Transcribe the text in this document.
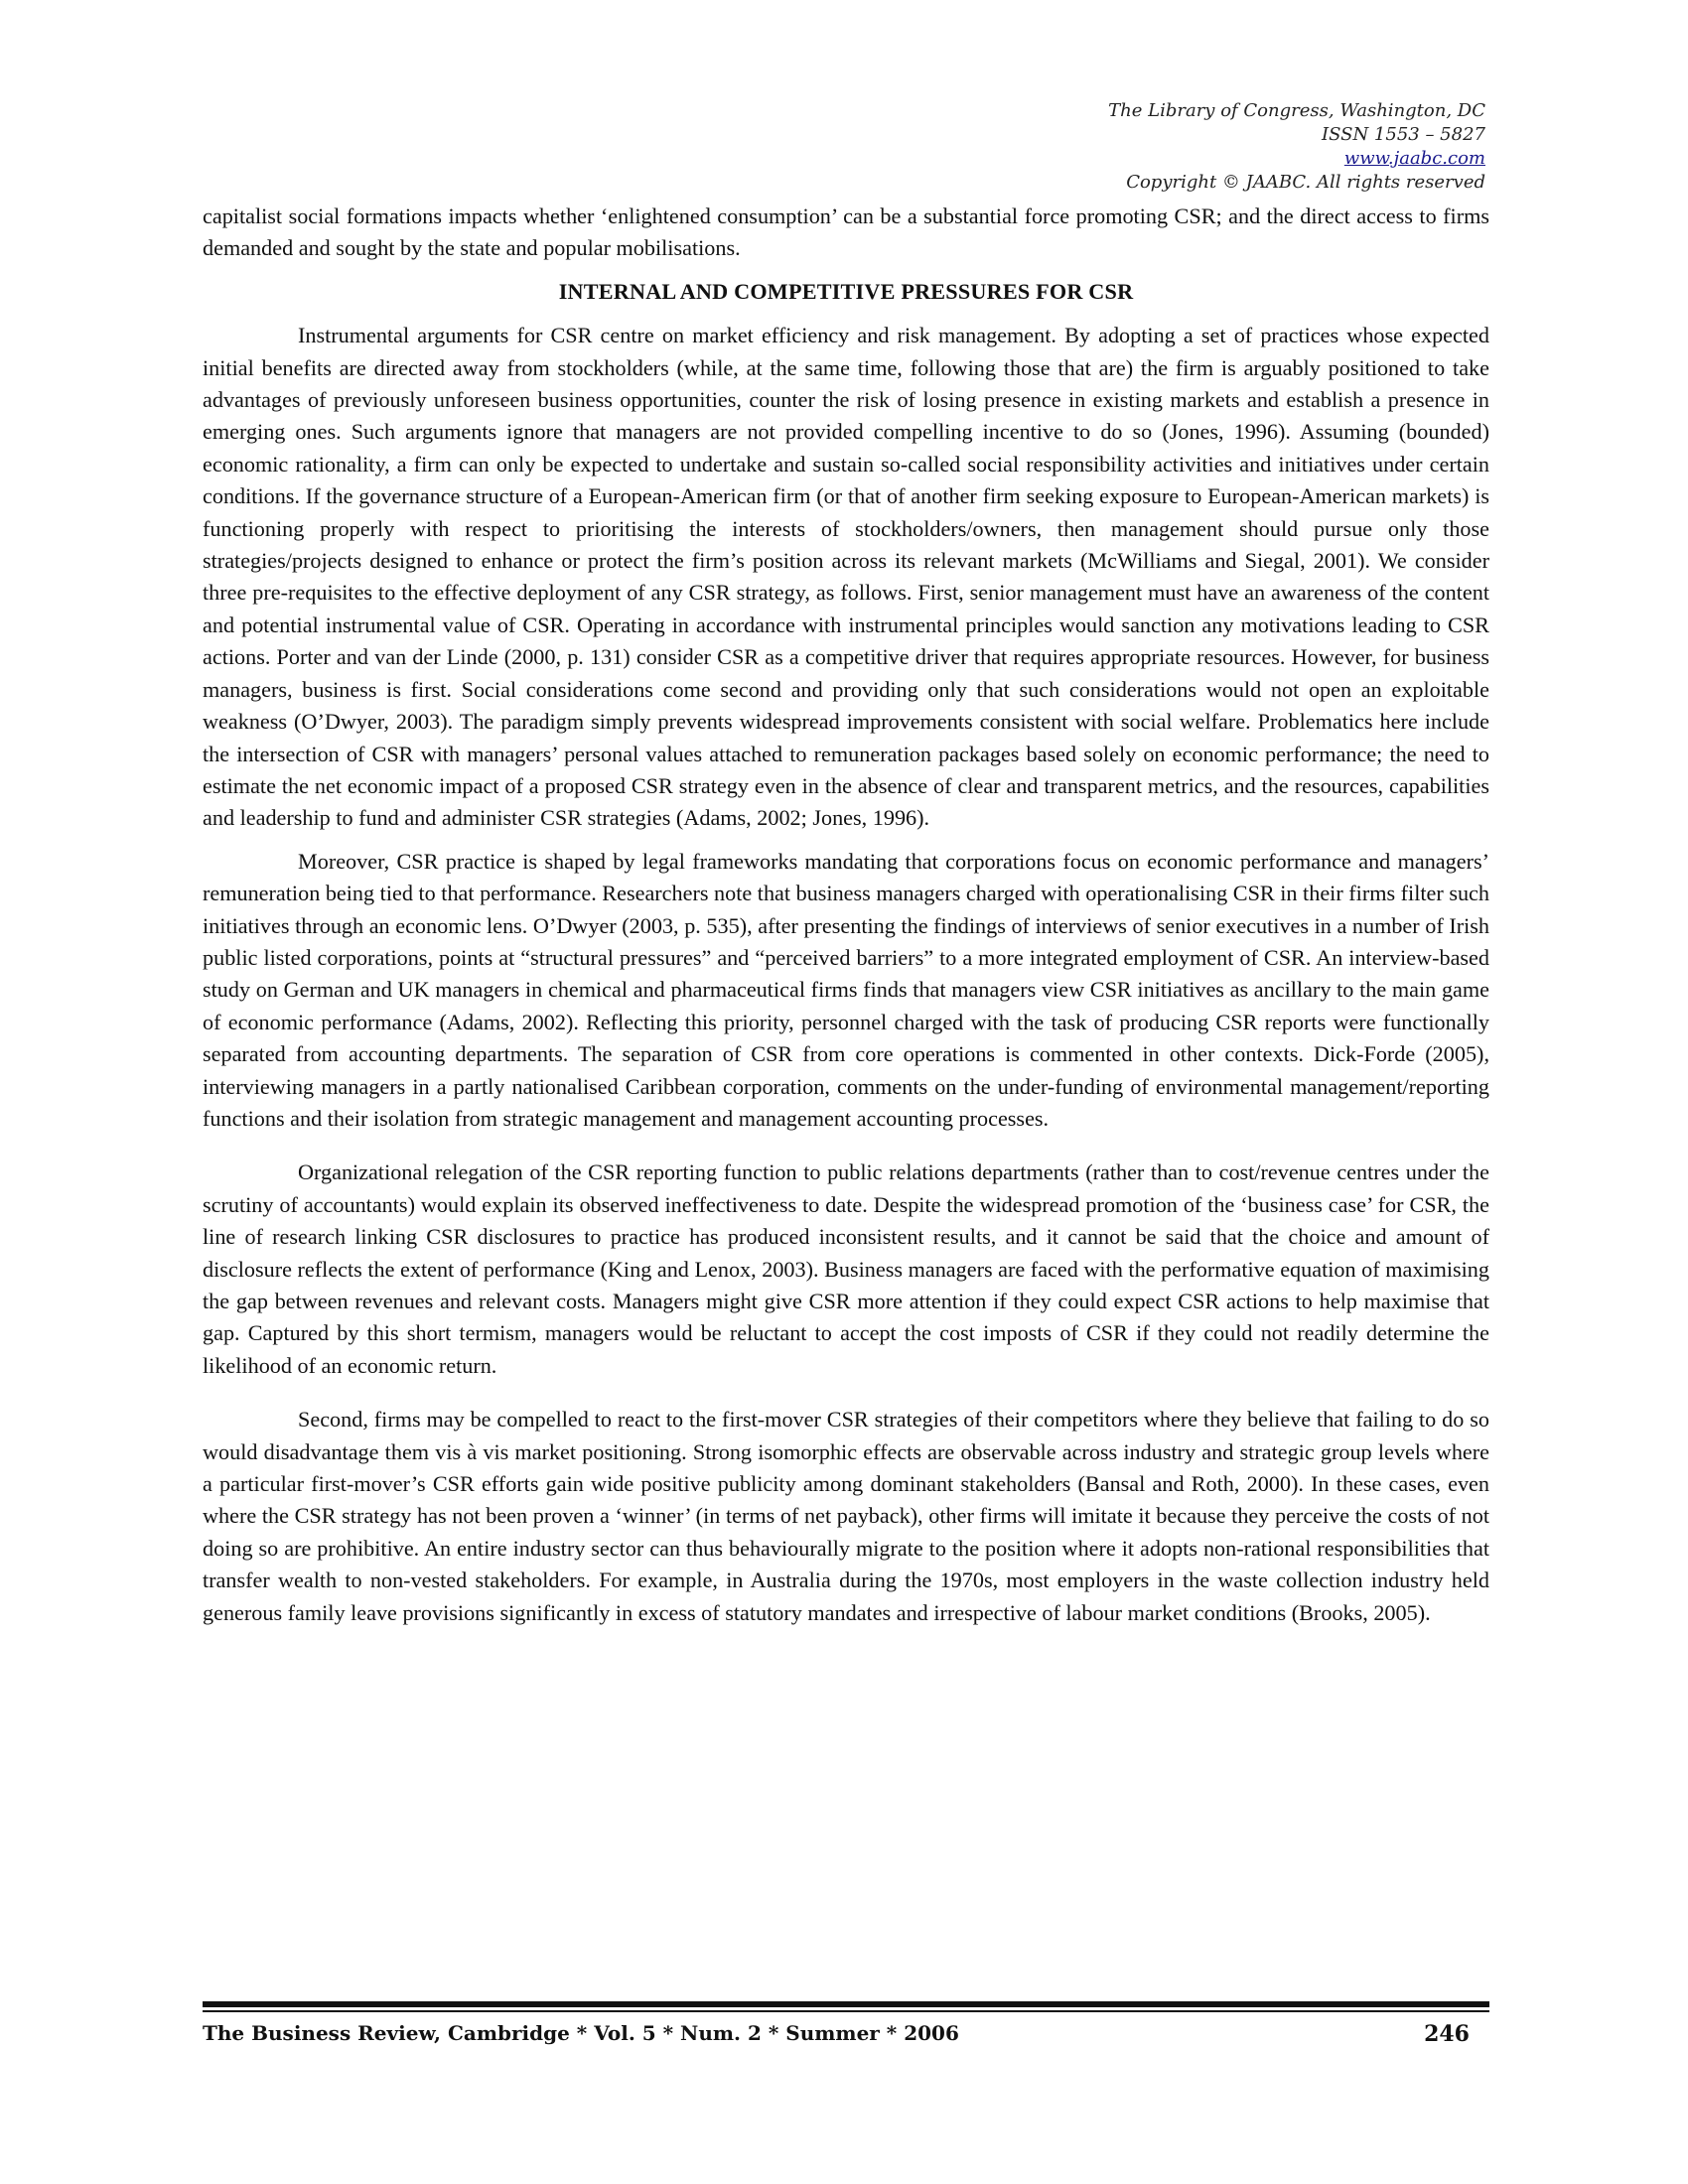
The Library of Congress, Washington, DC
ISSN 1553 – 5827
www.jaabc.com
Copyright © JAABC. All rights reserved

capitalist social formations impacts whether ‘enlightened consumption’ can be a substantial force promoting CSR; and the direct access to firms demanded and sought by the state and popular mobilisations.

INTERNAL AND COMPETITIVE PRESSURES FOR CSR

Instrumental arguments for CSR centre on market efficiency and risk management. By adopting a set of practices whose expected initial benefits are directed away from stockholders (while, at the same time, following those that are) the firm is arguably positioned to take advantages of previously unforeseen business opportunities, counter the risk of losing presence in existing markets and establish a presence in emerging ones. Such arguments ignore that managers are not provided compelling incentive to do so (Jones, 1996). Assuming (bounded) economic rationality, a firm can only be expected to undertake and sustain so-called social responsibility activities and initiatives under certain conditions. If the governance structure of a European-American firm (or that of another firm seeking exposure to European-American markets) is functioning properly with respect to prioritising the interests of stockholders/owners, then management should pursue only those strategies/projects designed to enhance or protect the firm’s position across its relevant markets (McWilliams and Siegal, 2001). We consider three pre-requisites to the effective deployment of any CSR strategy, as follows. First, senior management must have an awareness of the content and potential instrumental value of CSR. Operating in accordance with instrumental principles would sanction any motivations leading to CSR actions. Porter and van der Linde (2000, p. 131) consider CSR as a competitive driver that requires appropriate resources. However, for business managers, business is first. Social considerations come second and providing only that such considerations would not open an exploitable weakness (O’Dwyer, 2003). The paradigm simply prevents widespread improvements consistent with social welfare. Problematics here include the intersection of CSR with managers’ personal values attached to remuneration packages based solely on economic performance; the need to estimate the net economic impact of a proposed CSR strategy even in the absence of clear and transparent metrics, and the resources, capabilities and leadership to fund and administer CSR strategies (Adams, 2002; Jones, 1996).

Moreover, CSR practice is shaped by legal frameworks mandating that corporations focus on economic performance and managers’ remuneration being tied to that performance. Researchers note that business managers charged with operationalising CSR in their firms filter such initiatives through an economic lens. O’Dwyer (2003, p. 535), after presenting the findings of interviews of senior executives in a number of Irish public listed corporations, points at “structural pressures” and “perceived barriers” to a more integrated employment of CSR. An interview-based study on German and UK managers in chemical and pharmaceutical firms finds that managers view CSR initiatives as ancillary to the main game of economic performance (Adams, 2002). Reflecting this priority, personnel charged with the task of producing CSR reports were functionally separated from accounting departments. The separation of CSR from core operations is commented in other contexts. Dick-Forde (2005), interviewing managers in a partly nationalised Caribbean corporation, comments on the under-funding of environmental management/reporting functions and their isolation from strategic management and management accounting processes.

Organizational relegation of the CSR reporting function to public relations departments (rather than to cost/revenue centres under the scrutiny of accountants) would explain its observed ineffectiveness to date. Despite the widespread promotion of the ‘business case’ for CSR, the line of research linking CSR disclosures to practice has produced inconsistent results, and it cannot be said that the choice and amount of disclosure reflects the extent of performance (King and Lenox, 2003). Business managers are faced with the performative equation of maximising the gap between revenues and relevant costs. Managers might give CSR more attention if they could expect CSR actions to help maximise that gap. Captured by this short termism, managers would be reluctant to accept the cost imposts of CSR if they could not readily determine the likelihood of an economic return.

Second, firms may be compelled to react to the first-mover CSR strategies of their competitors where they believe that failing to do so would disadvantage them vis à vis market positioning. Strong isomorphic effects are observable across industry and strategic group levels where a particular first-mover’s CSR efforts gain wide positive publicity among dominant stakeholders (Bansal and Roth, 2000). In these cases, even where the CSR strategy has not been proven a ‘winner’ (in terms of net payback), other firms will imitate it because they perceive the costs of not doing so are prohibitive. An entire industry sector can thus behaviourally migrate to the position where it adopts non-rational responsibilities that transfer wealth to non-vested stakeholders. For example, in Australia during the 1970s, most employers in the waste collection industry held generous family leave provisions significantly in excess of statutory mandates and irrespective of labour market conditions (Brooks, 2005).

The Business Review, Cambridge * Vol. 5 * Num. 2 * Summer * 2006	246
